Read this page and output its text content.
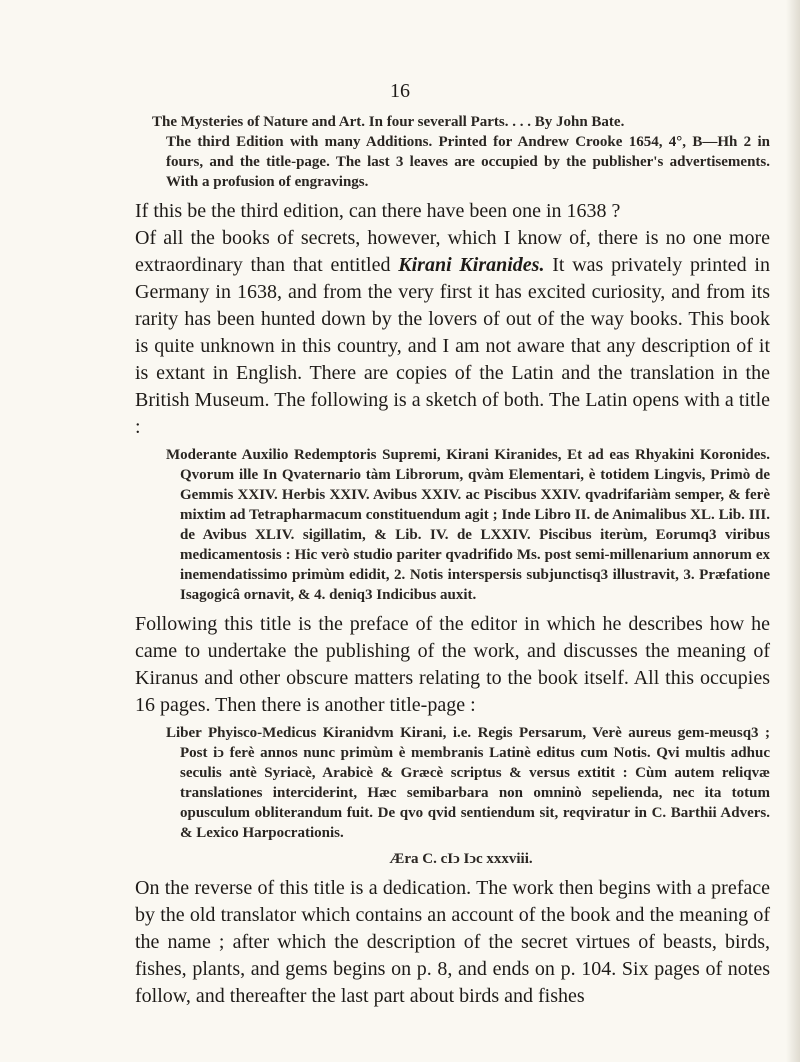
16

The Mysteries of Nature and Art. In four severall Parts. . . . By John Bate.
The third Edition with many Additions. Printed for Andrew Crooke 1654, 4°, B—Hh 2 in fours, and the title-page. The last 3 leaves are occupied by the publisher's advertisements. With a profusion of engravings.

If this be the third edition, can there have been one in 1638 ?

Of all the books of secrets, however, which I know of, there is no one more extraordinary than that entitled Kirani Kiranides. It was privately printed in Germany in 1638, and from the very first it has excited curiosity, and from its rarity has been hunted down by the lovers of out of the way books. This book is quite unknown in this country, and I am not aware that any description of it is extant in English. There are copies of the Latin and the translation in the British Museum. The following is a sketch of both. The Latin opens with a title :

Moderante Auxilio Redemptoris Supremi, Kirani Kiranides, Et ad eas Rhyakini Koronides. Qvorum ille In Qvaternario tàm Librorum, qvàm Elementari, è totidem Lingvis, Primò de Gemmis XXIV. Herbis XXIV. Avibus XXIV. ac Piscibus XXIV. qvadrifariàm semper, & ferè mixtim ad Tetrapharmacum constituendum agit ; Inde Libro II. de Animalibus XL. Lib. III. de Avibus XLIV. sigillatim, & Lib. IV. de LXXIV. Piscibus iterùm, Eorumq3 viribus medicamentosis : Hic verò studio pariter qvadrifido Ms. post semi-millenarium annorum ex inemendatissimo primùm edidit, 2. Notis interspersis subjunctisq3 illustravit, 3. Præfatione Isagogicâ ornavit, & 4. deniq3 Indicibus auxit.

Following this title is the preface of the editor in which he describes how he came to undertake the publishing of the work, and discusses the meaning of Kiranus and other obscure matters relating to the book itself. All this occupies 16 pages. Then there is another title-page :

Liber Phyisco-Medicus Kiranidvm Kirani, i.e. Regis Persarum, Verè aureus gem-meusq3 ; Post iↄ ferè annos nunc primùm è membranis Latinè editus cum Notis. Qvi multis adhuc seculis antè Syriacè, Arabicè & Græcè scriptus & versus extitit : Cùm autem reliqvæ translationes interciderint, Hæc semibarbara non omninò sepelienda, nec ita totum opusculum obliterandum fuit. De qvo qvid sentiendum sit, reqviratur in C. Barthii Advers. & Lexico Harpocrationis.

Æra C. cIↄ Iↄc xxxviii.

On the reverse of this title is a dedication. The work then begins with a preface by the old translator which contains an account of the book and the meaning of the name ; after which the description of the secret virtues of beasts, birds, fishes, plants, and gems begins on p. 8, and ends on p. 104. Six pages of notes follow, and thereafter the last part about birds and fishes
